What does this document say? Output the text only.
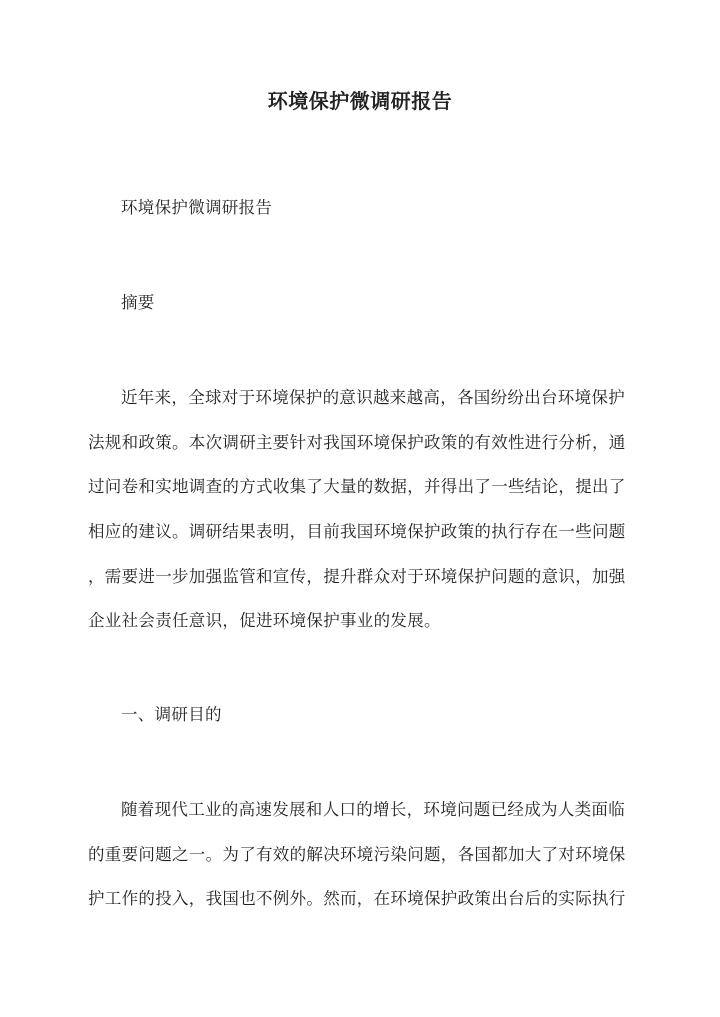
环境保护微调研报告
环境保护微调研报告
摘要
近年来，全球对于环境保护的意识越来越高，各国纷纷出台环境保护
法规和政策。本次调研主要针对我国环境保护政策的有效性进行分析，通
过问卷和实地调查的方式收集了大量的数据，并得出了一些结论，提出了
相应的建议。调研结果表明，目前我国环境保护政策的执行存在一些问题
，需要进一步加强监管和宣传，提升群众对于环境保护问题的意识，加强
企业社会责任意识，促进环境保护事业的发展。
一、调研目的
随着现代工业的高速发展和人口的增长，环境问题已经成为人类面临
的重要问题之一。为了有效的解决环境污染问题，各国都加大了对环境保
护工作的投入，我国也不例外。然而，在环境保护政策出台后的实际执行
